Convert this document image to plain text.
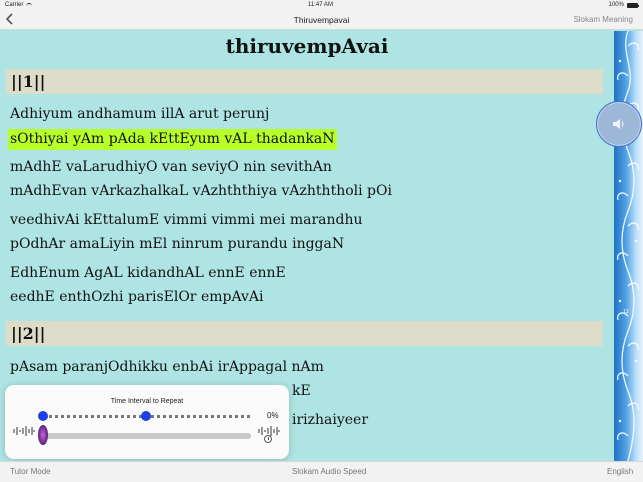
Carrier	11:47 AM	100%
Thiruvempavai	Slokam Meaning
thiruvempAvai
||1||
Adhiyum andhamum illA arut perunj
sOthiyai yAm pAda kEttEyum vAL thadankaN
mAdhE vaLarudhiyO van seviyO nin sevithAn
mAdhEvan vArkazhalkaL vAzhththiya vAzhththoli pOi
veedhivAi kEttalumE vimmi vimmi mei marandhu
pOdhAr amaLiyin mEl ninrum purandu inggaN
EdhEnum AgAL kidandhAL ennE ennE
eedhE enthOzhi parisElOr empAvAi
||2||
pAsam paranjOdhikku enbAi irAppagal nAm
kE
irizhaiyeer
13
Time Interval to Repeat
0%
Tutor Mode	Slokam Audio Speed	English
